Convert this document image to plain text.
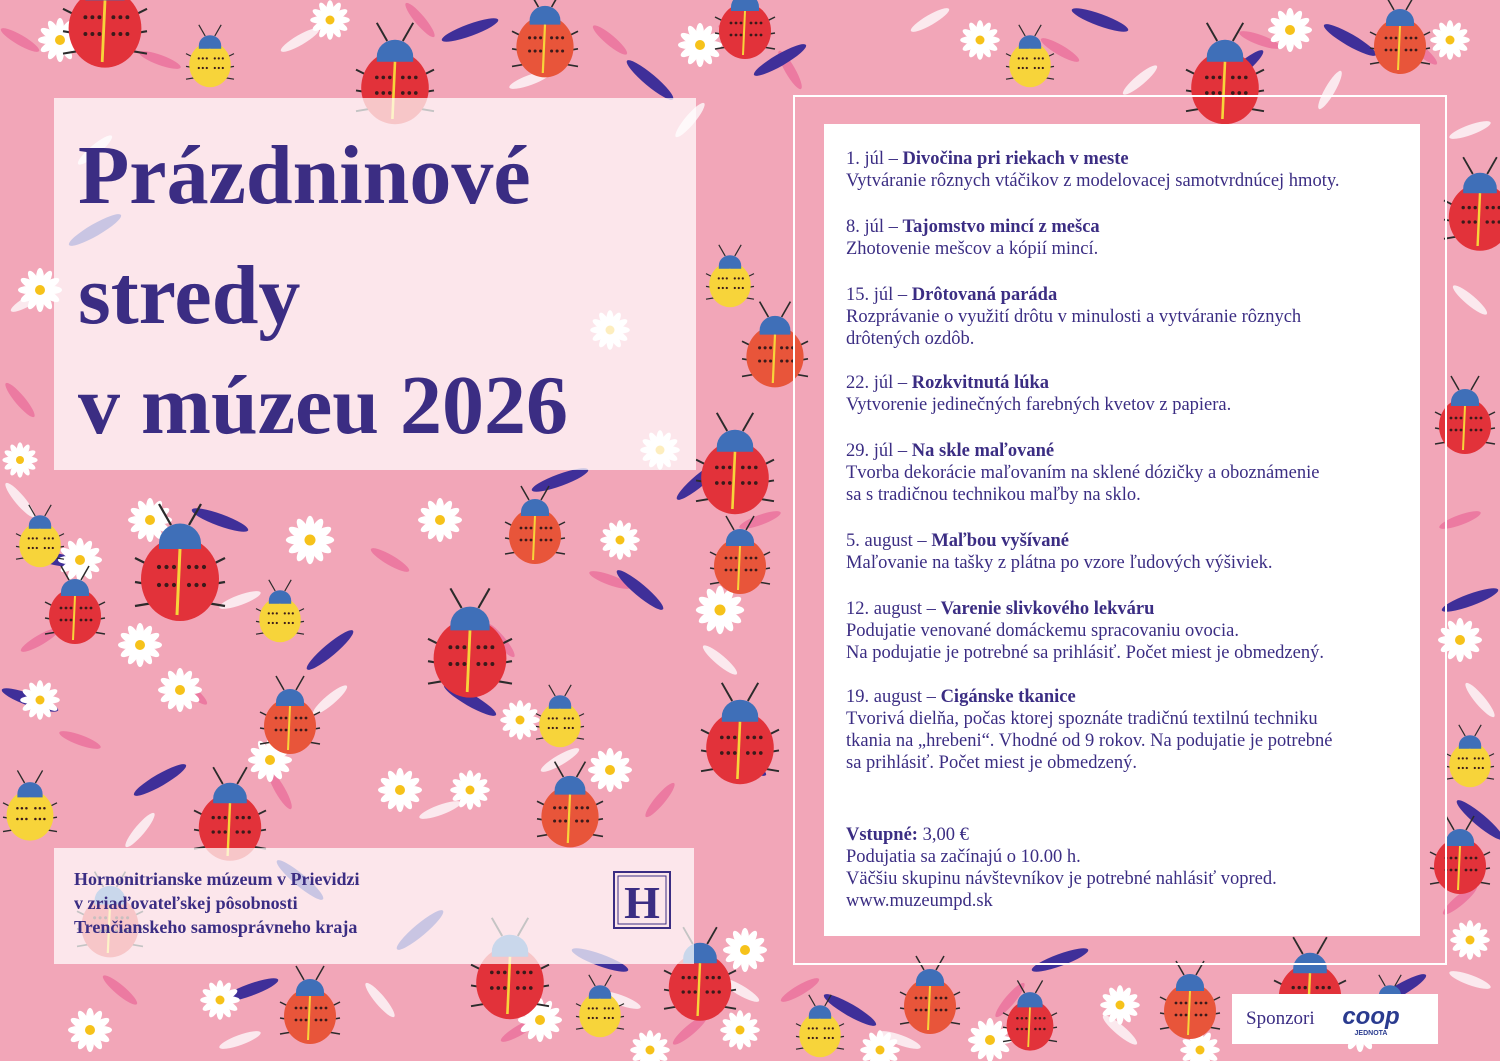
Prázdninové
stredy
v múzeu 2026
Hornonitrianske múzeum v Prievidzi
v zriaďovateľskej pôsobnosti
Trenčianskeho samosprávneho kraja	H
1. júl – Divočina pri riekach v meste
Vytváranie rôznych vtáčikov z modelovacej samotvrdnúcej hmoty.
8. júl – Tajomstvo mincí z mešca
Zhotovenie mešcov a kópií mincí.
15. júl – Drôtovaná paráda
Rozprávanie o využití drôtu v minulosti a vytváranie rôznych
drôtených ozdôb.
22. júl – Rozkvitnutá lúka
Vytvorenie jedinečných farebných kvetov z papiera.
29. júl – Na skle maľované
Tvorba dekorácie maľovaním na sklené dózičky a oboznámenie
sa s tradičnou technikou maľby na sklo.
5. august – Maľbou vyšívané
Maľovanie na tašky z plátna po vzore ľudových výšiviek.
12. august – Varenie slivkového lekváru
Podujatie venované domáckemu spracovaniu ovocia.
Na podujatie je potrebné sa prihlásiť. Počet miest je obmedzený.
19. august – Cigánske tkanice
Tvorivá dielňa, počas ktorej spoznáte tradičnú textilnú techniku
tkania na „hrebeni“. Vhodné od 9 rokov. Na podujatie je potrebné
sa prihlásiť. Počet miest je obmedzený.
Vstupné: 3,00 €
Podujatia sa začínajú o 10.00 h.
Väčšiu skupinu návštevníkov je potrebné nahlásiť vopred.
www.muzeumpd.sk
Sponzori coop
JEDNOTA
